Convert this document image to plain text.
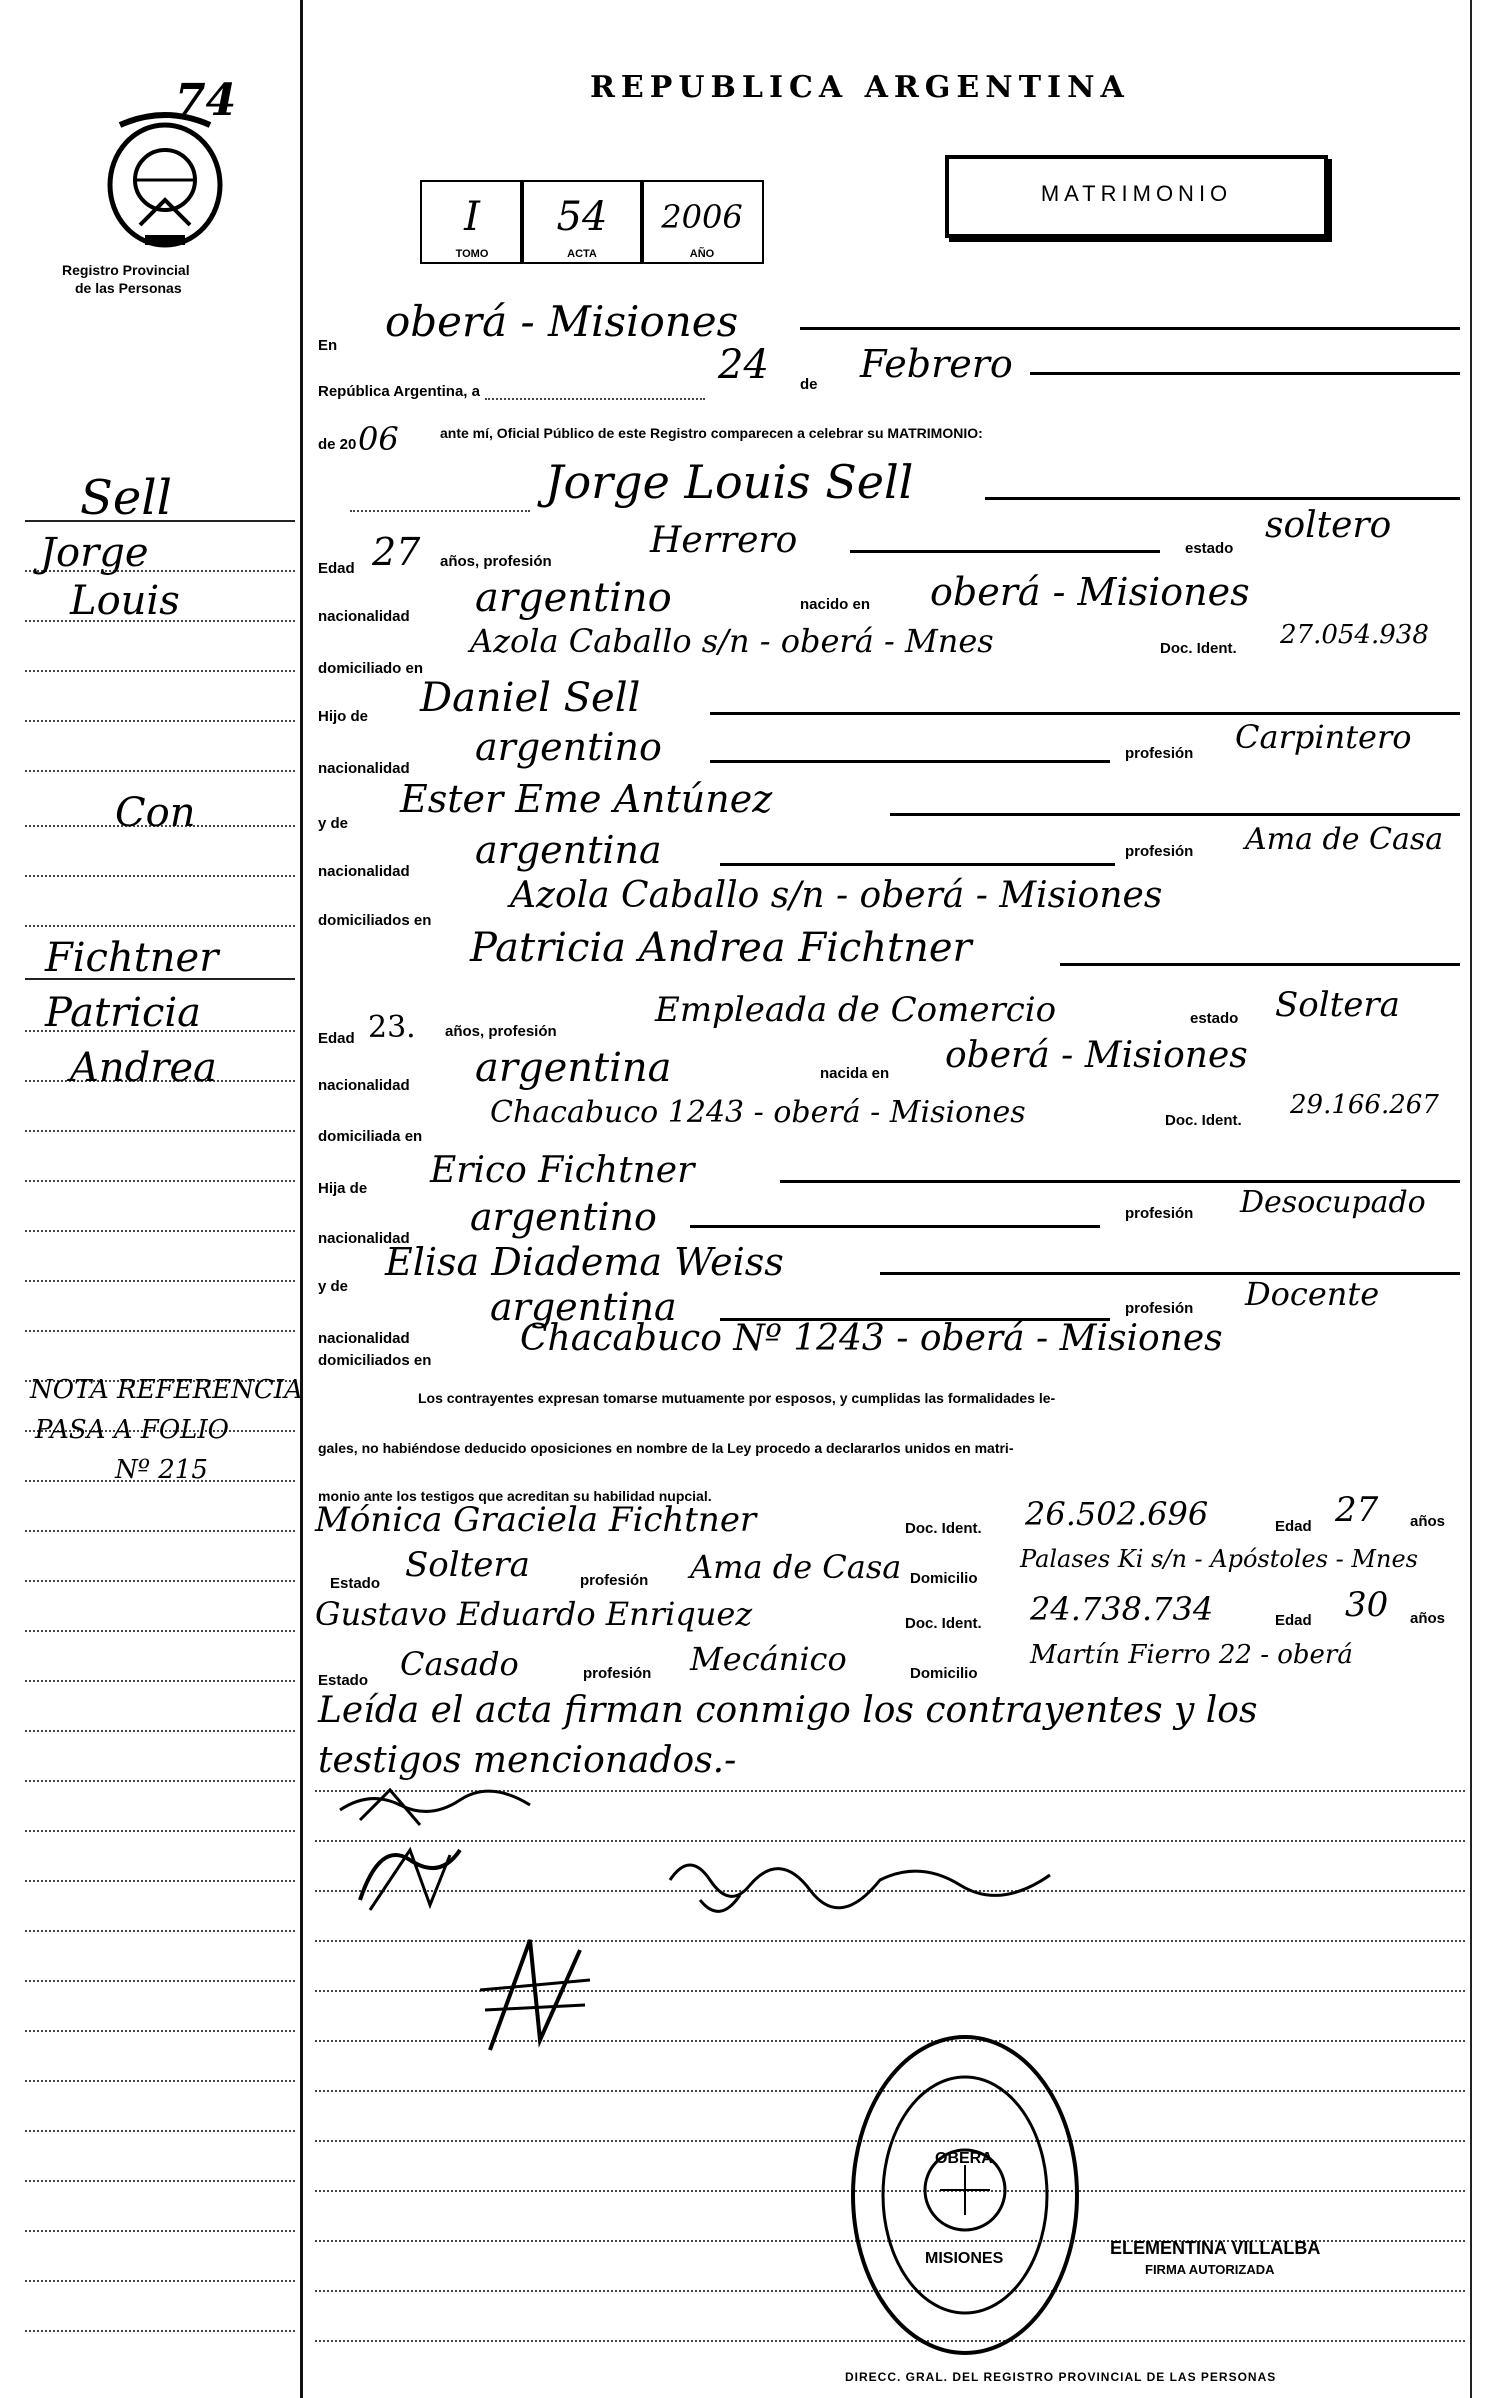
74
Registro Provincial
de las Personas
REPUBLICA ARGENTINA
I
TOMO
54
ACTA
2006
AÑO
MATRIMONIO
Sell
Jorge
Louis
Con
Fichtner
Patricia
Andrea
NOTA REFERENCIA
PASA A FOLIO
Nº 215
En oberá - Misiones
República Argentina, a
24 de Febrero
de 20 06	ante mí, Oficial Público de este Registro comparecen a celebrar su MATRIMONIO:
Jorge Louis Sell
Edad 27 años, profesión
Herrero	estado
soltero
nacionalidad argentino	nacido en oberá - Misiones
domiciliado en
Azola Caballo s/n - oberá - Mnes	Doc. Ident. 27.054.938
Hijo de Daniel Sell
nacionalidad argentino	profesión Carpintero
y de
Ester Eme Antúnez
nacionalidad argentina	profesión Ama de Casa
domiciliados en
Azola Caballo s/n - oberá - Misiones
Patricia Andrea Fichtner
Edad 23. años, profesión
Empleada de Comercio	estado Soltera
nacionalidad argentina	nacida en oberá - Misiones
domiciliada en
Chacabuco 1243 - oberá - Misiones	Doc. Ident.
29.166.267
Hija de Erico Fichtner
nacionalidad argentino	profesión Desocupado
y de
Elisa Diadema Weiss
nacionalidad
argentina	profesión Docente
domiciliados en
Chacabuco Nº 1243 - oberá - Misiones
Los contrayentes expresan tomarse mutuamente por esposos, y cumplidas las formalidades le-
gales, no habiéndose deducido oposiciones en nombre de la Ley procedo a declararlos unidos en matri-
monio ante los testigos que acreditan su habilidad nupcial.
Mónica Graciela Fichtner	Doc. Ident. 26.502.696	Edad 27 años
Estado Soltera	profesión Ama de Casa Domicilio
Palases Ki s/n - Apóstoles - Mnes
Gustavo Eduardo Enriquez	Doc. Ident. 24.738.734	Edad 30 años
Estado Casado	profesión Mecánico	Domicilio
Martín Fierro 22 - oberá
Leída el acta firman conmigo los contrayentes y los
testigos mencionados.-
DIRECC. GRAL. DEL REGISTRO PROVINCIAL DE LAS PERSONAS
OBERA
MISIONES
ELEMENTINA VILLALBA
FIRMA AUTORIZADA
